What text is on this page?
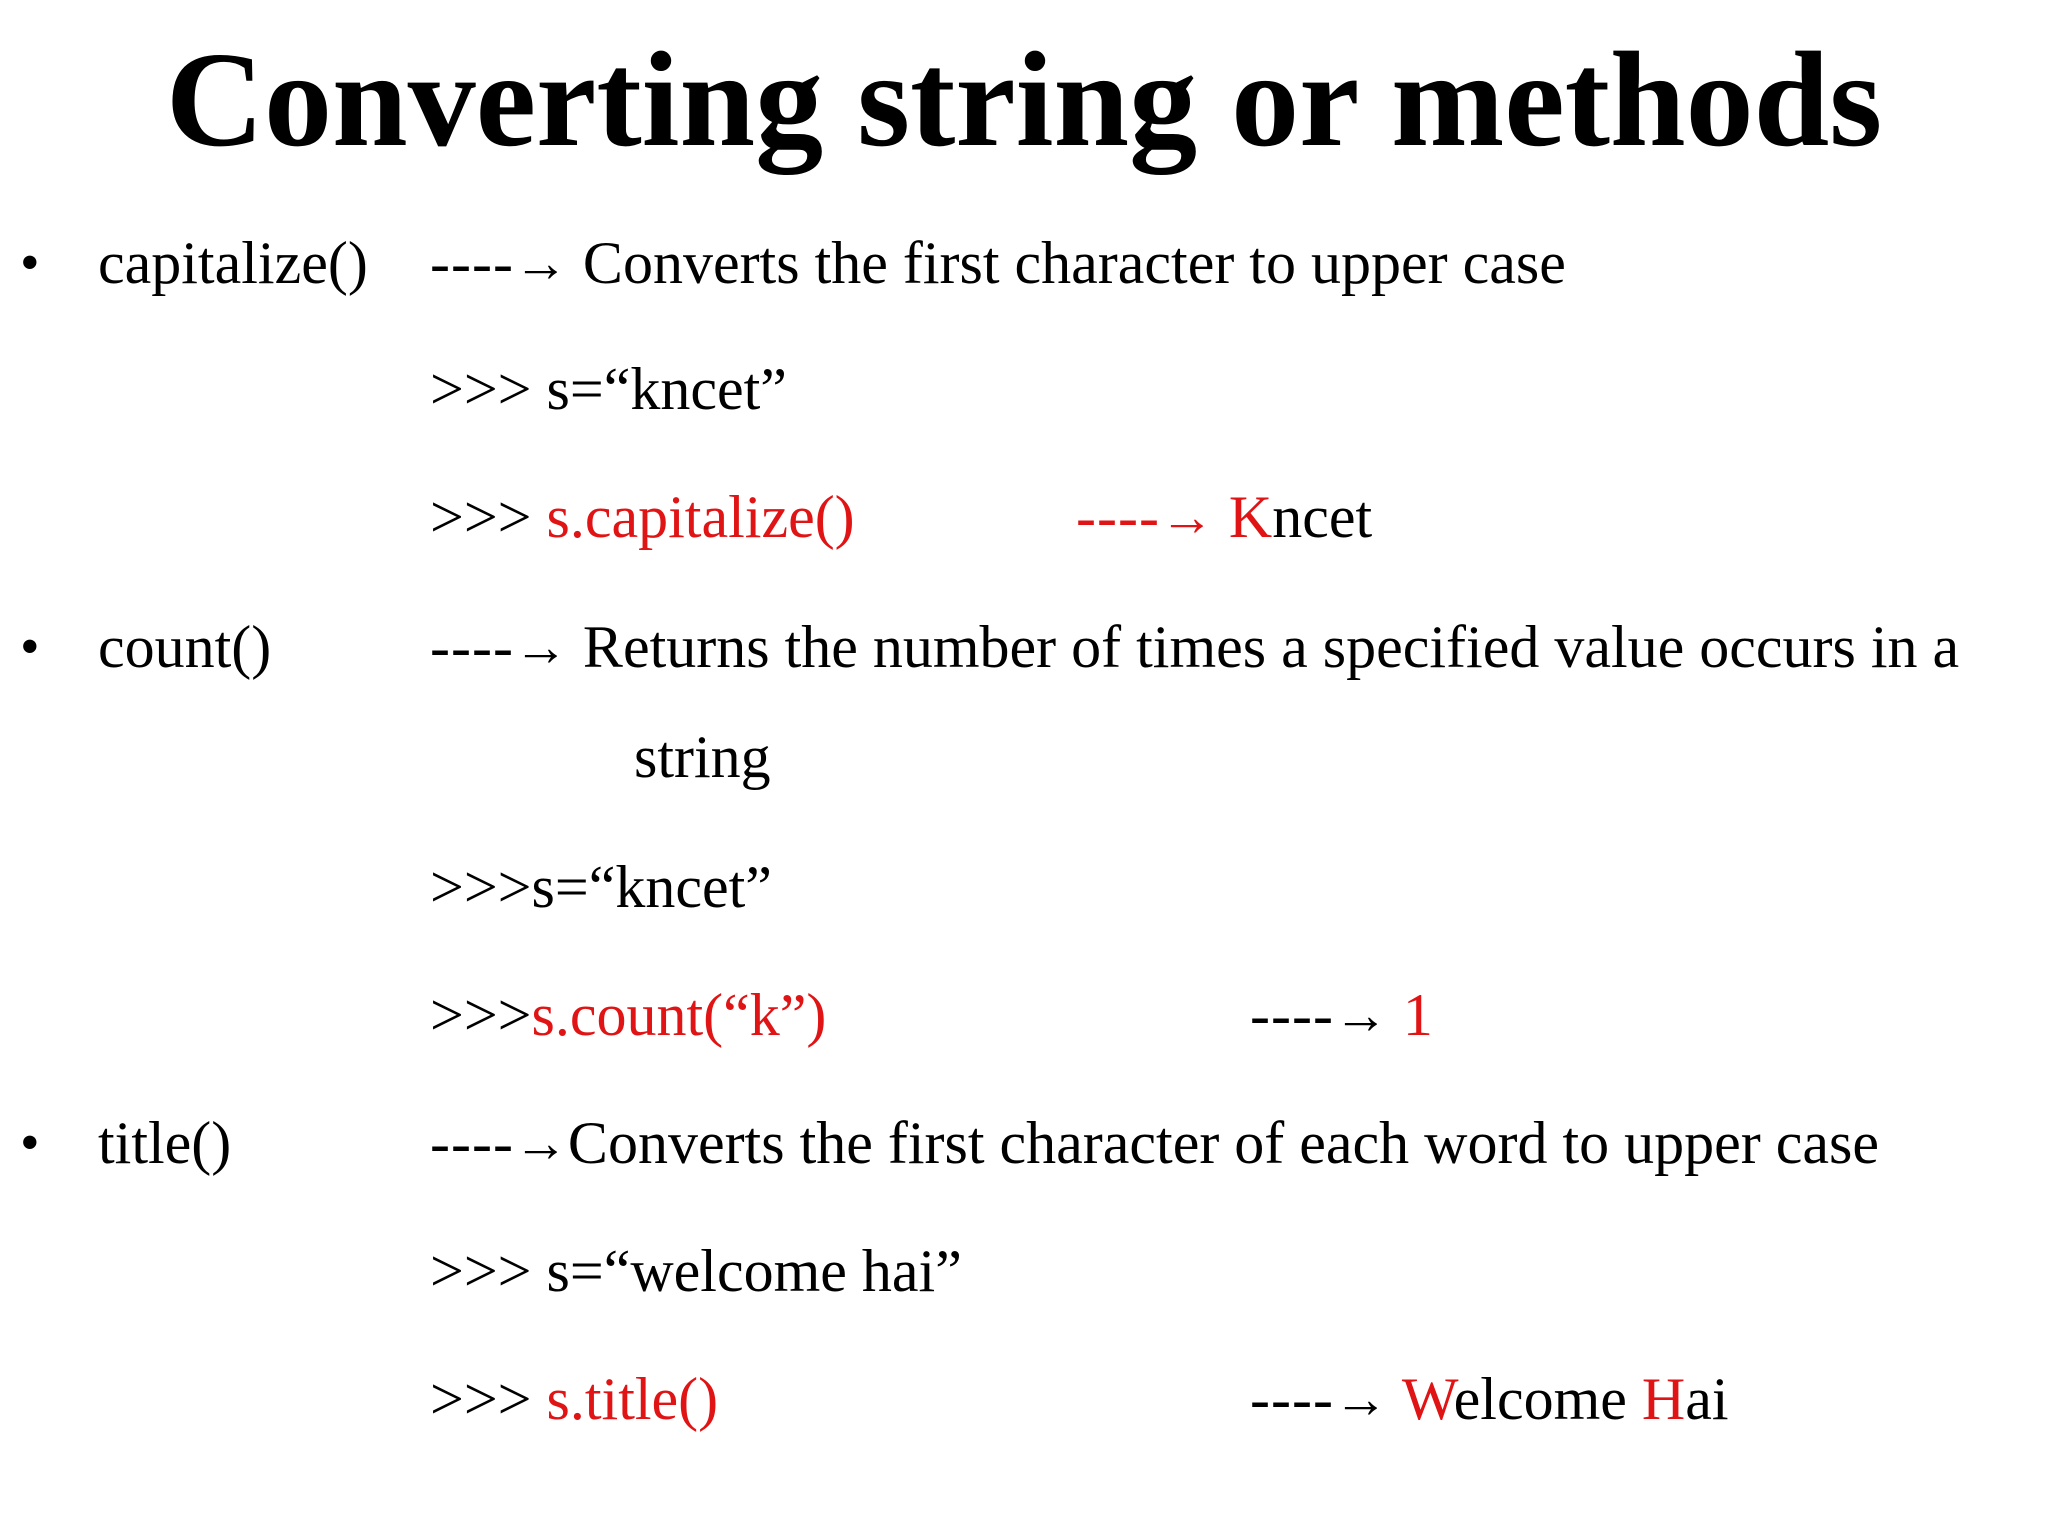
Converting string or methods
• capitalize() ----→ Converts the first character to upper case
>>> s=“kncet”
>>> s.capitalize()	----→ Kncet
• count()	----→ Returns the number of times a specified value occurs in a
string
>>>s=“kncet”
>>>s.count(“k”)	----→ 1
• title()	----→Converts the first character of each word to upper case
>>> s=“welcome hai”
>>> s.title()	----→ Welcome Hai
